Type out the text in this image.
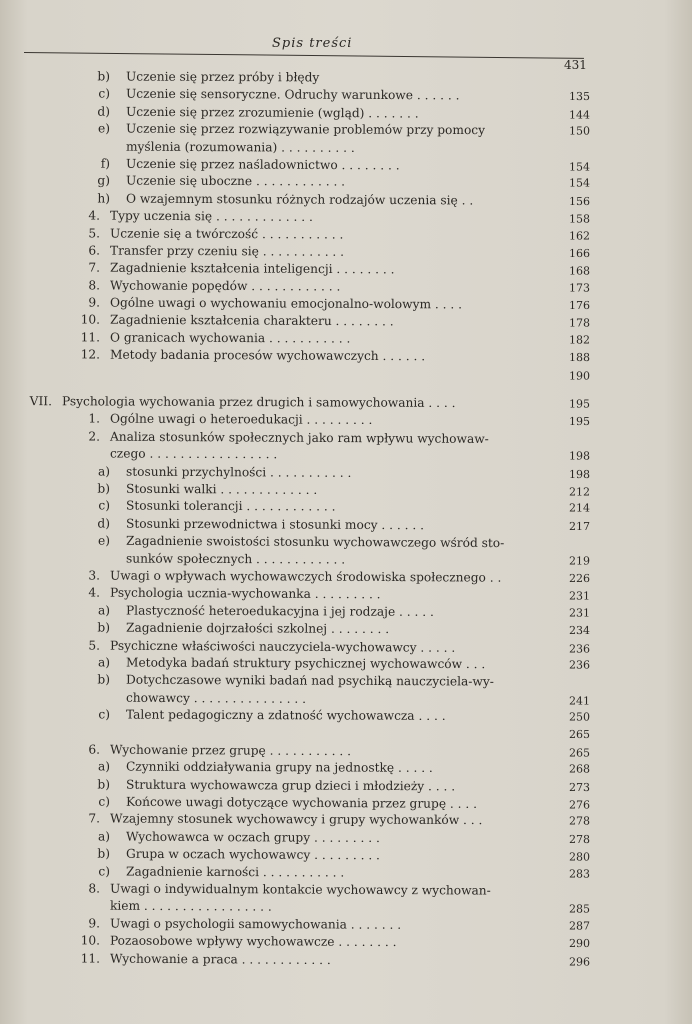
Spis treści
431
b) Uczenie się przez próby i błędy
c) Uczenie się sensoryczne. Odruchy warunkowe . . . . . .	135
d) Uczenie się przez zrozumienie (wgląd) . . . . . . .	144
e) Uczenie się przez rozwiązywanie problemów przy pomocy	150
myślenia (rozumowania) . . . . . . . . . .
f) Uczenie się przez naśladownictwo . . . . . . . .	154
g) Uczenie się uboczne . . . . . . . . . . . .	154
h) O wzajemnym stosunku różnych rodzajów uczenia się . .	156
4. Typy uczenia się . . . . . . . . . . . . .	158
5. Uczenie się a twórczość . . . . . . . . . . .	162
6. Transfer przy czeniu się . . . . . . . . . . .	166
7. Zagadnienie kształcenia inteligencji . . . . . . . .	168
8. Wychowanie popędów . . . . . . . . . . . .	173
9. Ogólne uwagi o wychowaniu emocjonalno-wolowym . . . .	176
10. Zagadnienie kształcenia charakteru . . . . . . . .	178
11. O granicach wychowania . . . . . . . . . . .	182
12. Metody badania procesów wychowawczych . . . . . .	188
190
VII. Psychologia wychowania przez drugich i samowychowania . . . .	195
1. Ogólne uwagi o heteroedukacji . . . . . . . . .	195
2. Analiza stosunków społecznych jako ram wpływu wychowaw-
czego . . . . . . . . . . . . . . . . .	198
a) stosunki przychylności . . . . . . . . . . .	198
b) Stosunki walki . . . . . . . . . . . . .	212
c) Stosunki tolerancji . . . . . . . . . . . .	214
d) Stosunki przewodnictwa i stosunki mocy . . . . . .	217
e) Zagadnienie swoistości stosunku wychowawczego wśród sto-
sunków społecznych . . . . . . . . . . . .	219
3. Uwagi o wpływach wychowawczych środowiska społecznego . .	226
4. Psychologia ucznia-wychowanka . . . . . . . . .	231
a) Plastyczność heteroedukacyjna i jej rodzaje . . . . .	231
b) Zagadnienie dojrzałości szkolnej . . . . . . . .	234
5. Psychiczne właściwości nauczyciela-wychowawcy . . . . .	236
a) Metodyka badań struktury psychicznej wychowawców . . .	236
b) Dotychczasowe wyniki badań nad psychiką nauczyciela-wy-
chowawcy . . . . . . . . . . . . . . .	241
c) Talent pedagogiczny a zdatność wychowawcza . . . .	250
265
6. Wychowanie przez grupę . . . . . . . . . . .	265
a) Czynniki oddziaływania grupy na jednostkę . . . . .	268
b) Struktura wychowawcza grup dzieci i młodzieży . . . .	273
c) Końcowe uwagi dotyczące wychowania przez grupę . . . .	276
7. Wzajemny stosunek wychowawcy i grupy wychowanków . . .	278
a) Wychowawca w oczach grupy . . . . . . . . .	278
b) Grupa w oczach wychowawcy . . . . . . . . .	280
c) Zagadnienie karności . . . . . . . . . . .	283
8. Uwagi o indywidualnym kontakcie wychowawcy z wychowan-
kiem . . . . . . . . . . . . . . . . .	285
9. Uwagi o psychologii samowychowania . . . . . . .	287
10. Pozaosobowe wpływy wychowawcze . . . . . . . .	290
11. Wychowanie a praca . . . . . . . . . . . .	296
